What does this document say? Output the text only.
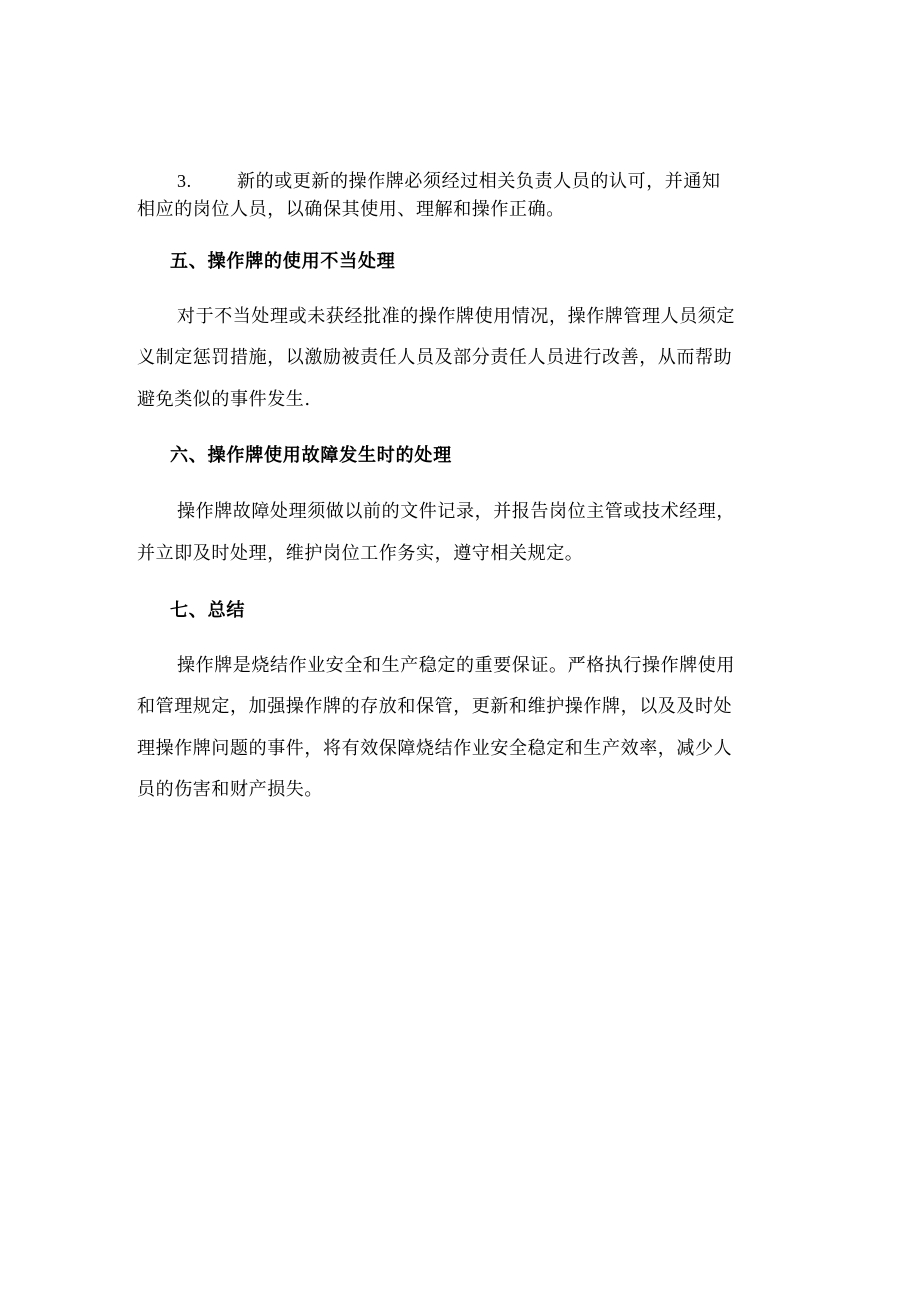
3.	新的或更新的操作牌必须经过相关负责人员的认可，并通知
相应的岗位人员，以确保其使用、理解和操作正确。
五、操作牌的使用不当处理
对于不当处理或未获经批准的操作牌使用情况，操作牌管理人员须定
义制定惩罚措施，以激励被责任人员及部分责任人员进行改善，从而帮助
避免类似的事件发生.
六、操作牌使用故障发生时的处理
操作牌故障处理须做以前的文件记录，并报告岗位主管或技术经理，
并立即及时处理，维护岗位工作务实，遵守相关规定。
七、总结
操作牌是烧结作业安全和生产稳定的重要保证。严格执行操作牌使用
和管理规定，加强操作牌的存放和保管，更新和维护操作牌，以及及时处
理操作牌问题的事件，将有效保障烧结作业安全稳定和生产效率，减少人
员的伤害和财产损失。
